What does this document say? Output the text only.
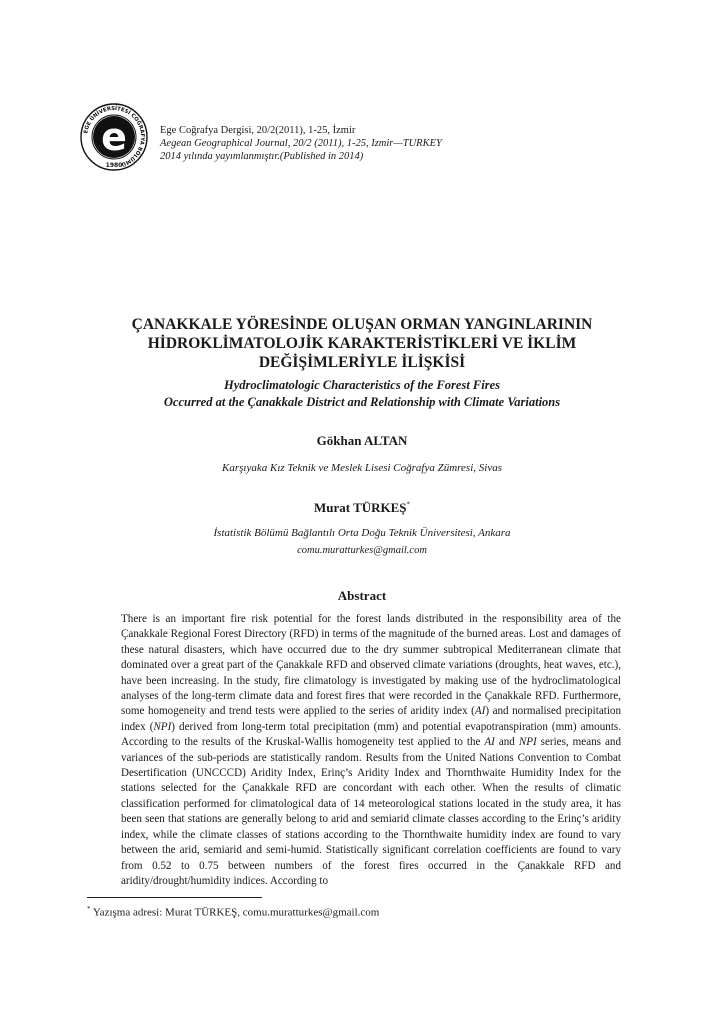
EGE ÜNİVERSİTESİ COĞRAFYA BÖLÜMÜ
e
1980
Ege Coğrafya Dergisi, 20/2(2011), 1-25, İzmir
Aegean Geographical Journal, 20/2 (2011), 1-25, Izmir—TURKEY
2014 yılında yayımlanmıştır.(Published in 2014)
ÇANAKKALE YÖRESİNDE OLUŞAN ORMAN YANGINLARININ
HİDROKLİMATOLOJİK KARAKTERİSTİKLERİ VE İKLİM
DEĞİŞİMLERİYLE İLİŞKİSİ
Hydroclimatologic Characteristics of the Forest Fires
Occurred at the Çanakkale District and Relationship with Climate Variations
Gökhan ALTAN
Karşıyaka Kız Teknik ve Meslek Lisesi Coğrafya Zümresi, Sivas
Murat TÜRKEŞ*
İstatistik Bölümü Bağlantılı Orta Doğu Teknik Üniversitesi, Ankara
comu.muratturkes@gmail.com
Abstract

There is an important fire risk potential for the forest lands distributed in the responsibility area of the Çanakkale Regional Forest Directory (RFD) in terms of the magnitude of the burned areas. Lost and damages of these natural disasters, which have occurred due to the dry summer subtropical Mediterranean climate that dominated over a great part of the Çanakkale RFD and observed climate variations (droughts, heat waves, etc.), have been increasing. In the study, fire climatology is investigated by making use of the hydroclimatological analyses of the long-term climate data and forest fires that were recorded in the Çanakkale RFD. Furthermore, some homogeneity and trend tests were applied to the series of aridity index (AI) and normalised precipitation index (NPI) derived from long-term total precipitation (mm) and potential evapotranspiration (mm) amounts. According to the results of the Kruskal-Wallis homogeneity test applied to the AI and NPI series, means and variances of the sub-periods are statistically random. Results from the United Nations Convention to Combat Desertification (UNCCCD) Aridity Index, Erinç’s Aridity Index and Thornthwaite Humidity Index for the stations selected for the Çanakkale RFD are concordant with each other. When the results of climatic classification performed for climatological data of 14 meteorological stations located in the study area, it has been seen that stations are generally belong to arid and semiarid climate classes according to the Erinç’s aridity index, while the climate classes of stations according to the Thornthwaite humidity index are found to vary between the arid, semiarid and semi-humid. Statistically significant correlation coefficients are found to vary from 0.52 to 0.75 between numbers of the forest fires occurred in the Çanakkale RFD and aridity/drought/humidity indices. According to

* Yazışma adresi: Murat TÜRKEŞ, comu.muratturkes@gmail.com
